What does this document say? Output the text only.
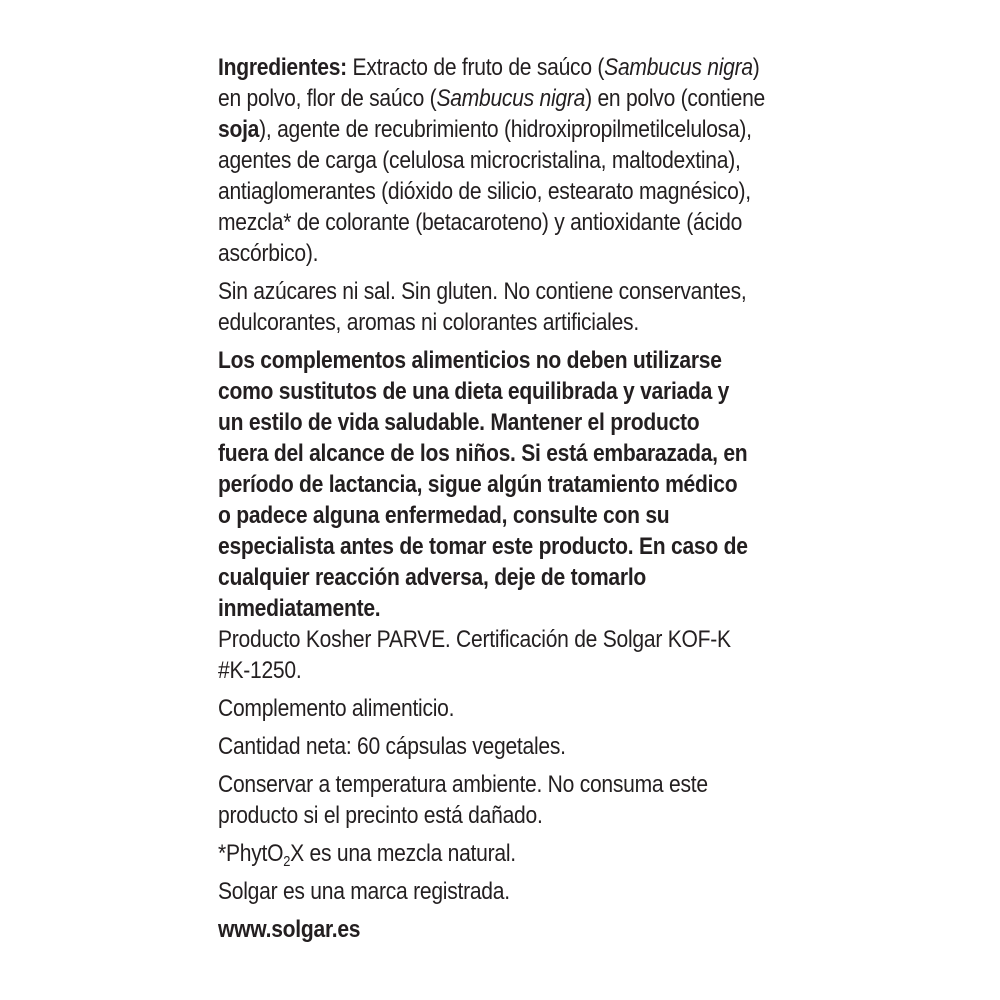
Ingredientes: Extracto de fruto de saúco (Sambucus nigra)

en polvo, flor de saúco (Sambucus nigra) en polvo (contiene

soja), agente de recubrimiento (hidroxipropilmetilcelulosa),

agentes de carga (celulosa microcristalina, maltodextina),

antiaglomerantes (dióxido de silicio, estearato magnésico),

mezcla* de colorante (betacaroteno) y antioxidante (ácido

ascórbico).

Sin azúcares ni sal. Sin gluten. No contiene conservantes,

edulcorantes, aromas ni colorantes artificiales.

Los complementos alimenticios no deben utilizarse

como sustitutos de una dieta equilibrada y variada y

un estilo de vida saludable. Mantener el producto

fuera del alcance de los niños. Si está embarazada, en

período de lactancia, sigue algún tratamiento médico

o padece alguna enfermedad, consulte con su

especialista antes de tomar este producto. En caso de

cualquier reacción adversa, deje de tomarlo

inmediatamente.

Producto Kosher PARVE. Certificación de Solgar KOF-K

#K-1250.

Complemento alimenticio.

Cantidad neta: 60 cápsulas vegetales.

Conservar a temperatura ambiente. No consuma este

producto si el precinto está dañado.

*PhytO$_2$X es una mezcla natural.

Solgar es una marca registrada.

www.solgar.es
